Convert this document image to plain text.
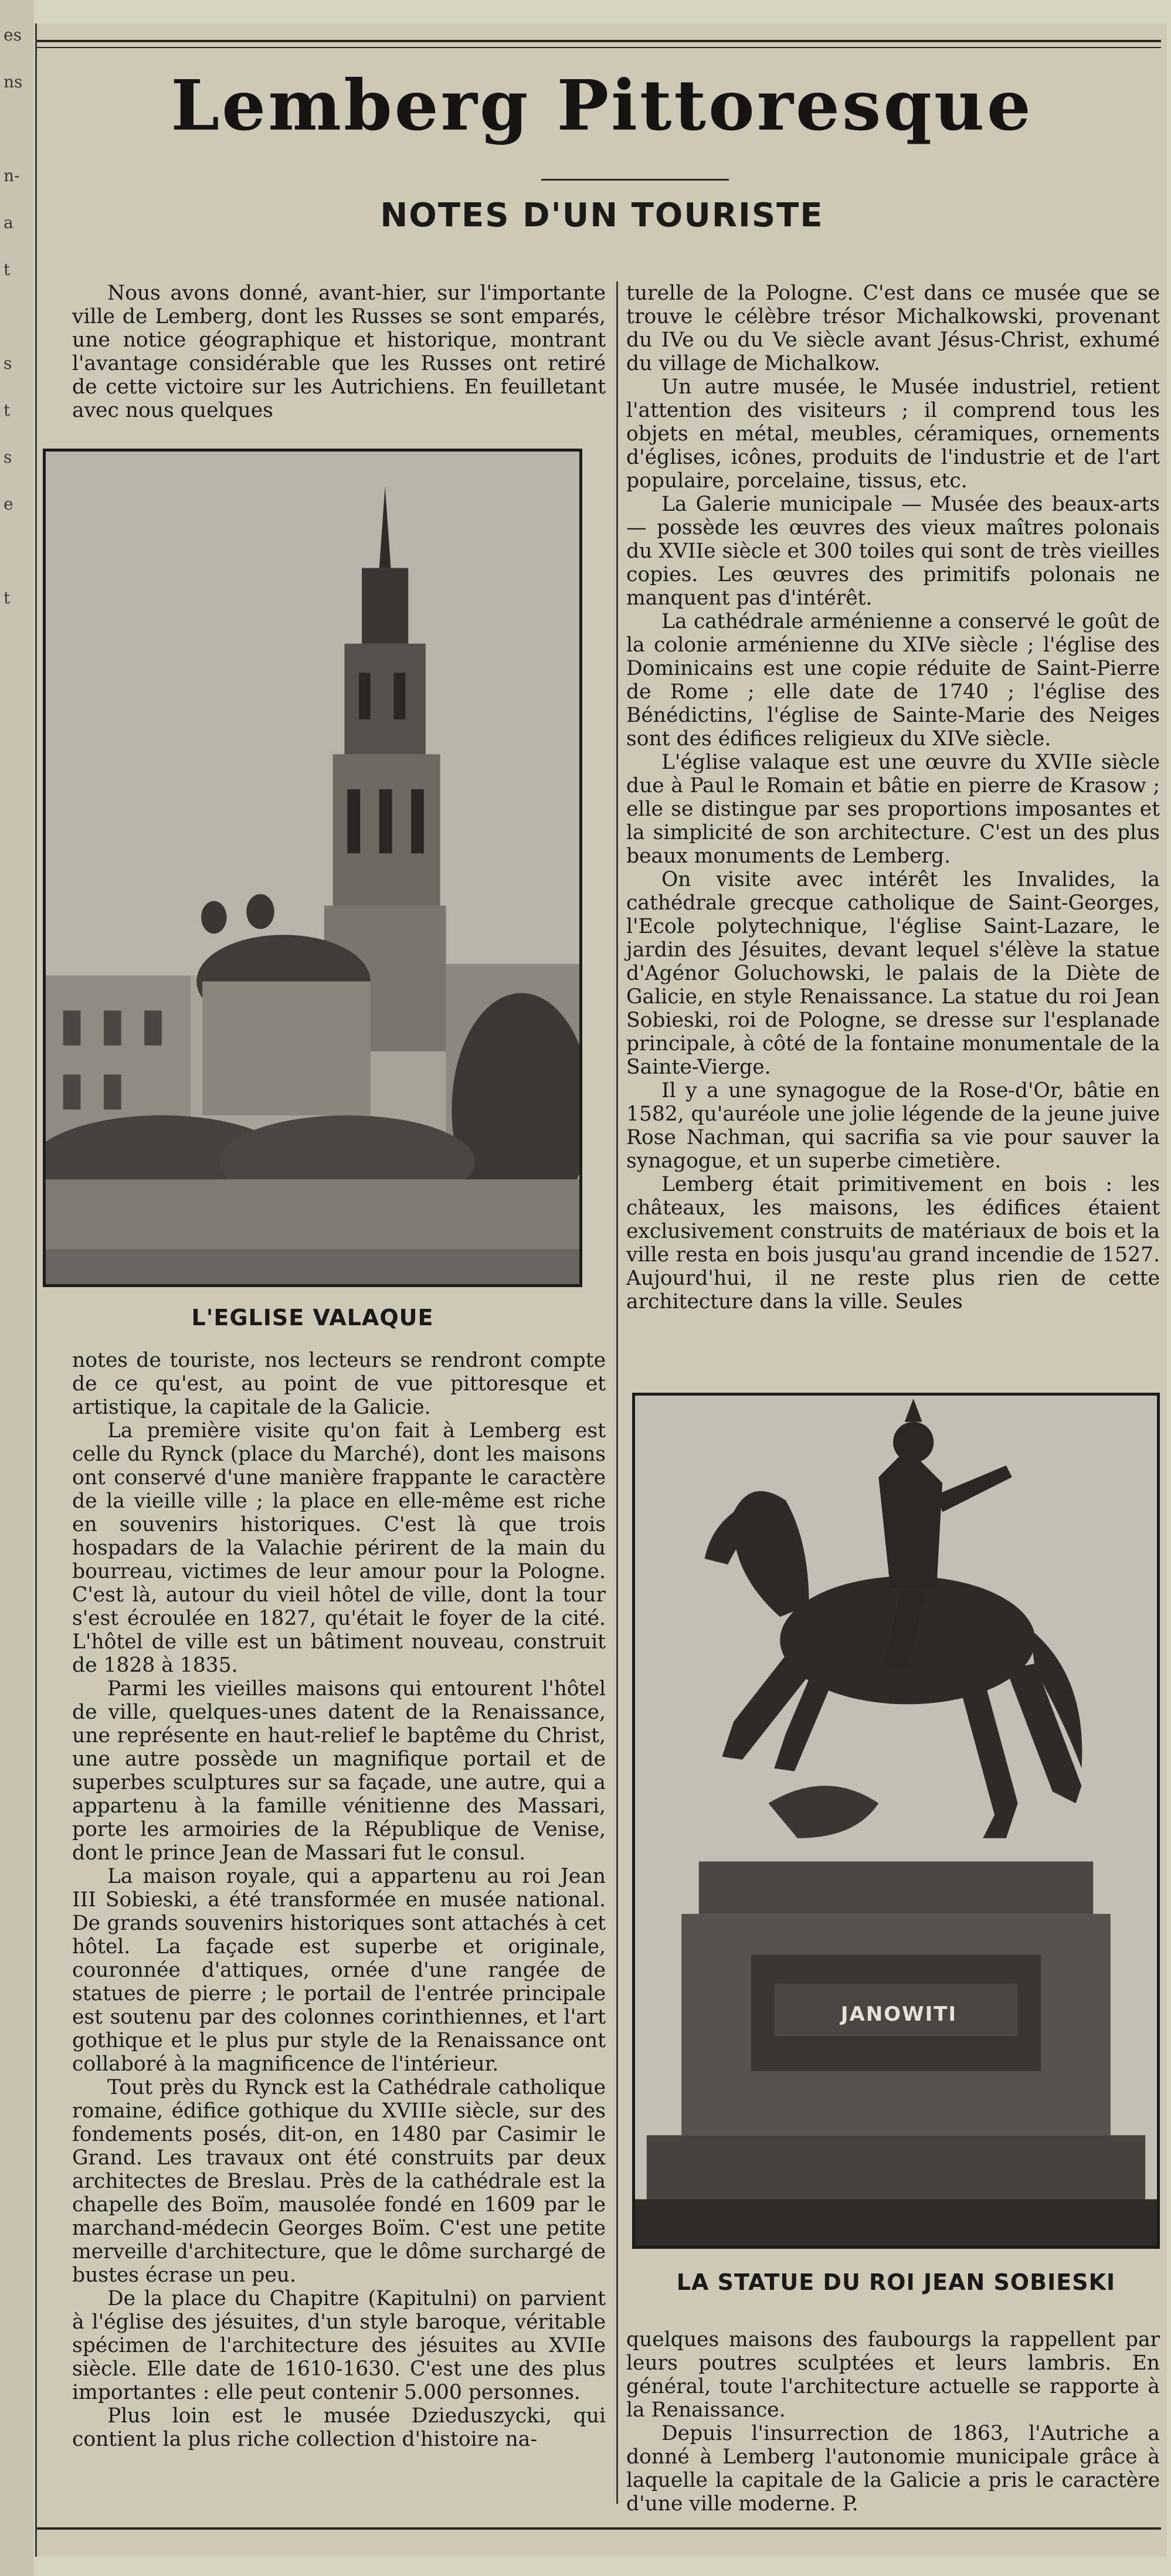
es
ns

n-
a
t

s
t
s
e

t
Lemberg Pittoresque
NOTES D'UN TOURISTE

Nous avons donné, avant-hier, sur l'importante ville de Lemberg, dont les Russes se sont emparés, une notice géographique et historique, montrant l'avantage considérable que les Russes ont retiré de cette victoire sur les Autrichiens. En feuilletant avec nous quelques

L'EGLISE VALAQUE

notes de touriste, nos lecteurs se rendront compte de ce qu'est, au point de vue pittoresque et artistique, la capitale de la Galicie.

La première visite qu'on fait à Lemberg est celle du Rynck (place du Marché), dont les maisons ont conservé d'une manière frappante le caractère de la vieille ville ; la place en elle-même est riche en souvenirs historiques. C'est là que trois hospadars de la Valachie périrent de la main du bourreau, victimes de leur amour pour la Pologne. C'est là, autour du vieil hôtel de ville, dont la tour s'est écroulée en 1827, qu'était le foyer de la cité. L'hôtel de ville est un bâtiment nouveau, construit de 1828 à 1835.

Parmi les vieilles maisons qui entourent l'hôtel de ville, quelques-unes datent de la Renaissance, une représente en haut-relief le baptême du Christ, une autre possède un magnifique portail et de superbes sculptures sur sa façade, une autre, qui a appartenu à la famille vénitienne des Massari, porte les armoiries de la République de Venise, dont le prince Jean de Massari fut le consul.

La maison royale, qui a appartenu au roi Jean III Sobieski, a été transformée en musée national. De grands souvenirs historiques sont attachés à cet hôtel. La façade est superbe et originale, couronnée d'attiques, ornée d'une rangée de statues de pierre ; le portail de l'entrée principale est soutenu par des colonnes corinthiennes, et l'art gothique et le plus pur style de la Renaissance ont collaboré à la magnificence de l'intérieur.

Tout près du Rynck est la Cathédrale catholique romaine, édifice gothique du XVIIIe siècle, sur des fondements posés, dit-on, en 1480 par Casimir le Grand. Les travaux ont été construits par deux architectes de Breslau. Près de la cathédrale est la chapelle des Boïm, mausolée fondé en 1609 par le marchand-médecin Georges Boïm. C'est une petite merveille d'architecture, que le dôme surchargé de bustes écrase un peu.

De la place du Chapitre (Kapitulni) on parvient à l'église des jésuites, d'un style baroque, véritable spécimen de l'architecture des jésuites au XVIIe siècle. Elle date de 1610-1630. C'est une des plus importantes : elle peut contenir 5.000 personnes.

Plus loin est le musée Dzieduszycki, qui contient la plus riche collection d'histoire na-

turelle de la Pologne. C'est dans ce musée que se trouve le célèbre trésor Michalkowski, provenant du IVe ou du Ve siècle avant Jésus-Christ, exhumé du village de Michalkow.

Un autre musée, le Musée industriel, retient l'attention des visiteurs ; il comprend tous les objets en métal, meubles, céramiques, ornements d'églises, icônes, produits de l'industrie et de l'art populaire, porcelaine, tissus, etc.

La Galerie municipale — Musée des beaux-arts — possède les œuvres des vieux maîtres polonais du XVIIe siècle et 300 toiles qui sont de très vieilles copies. Les œuvres des primitifs polonais ne manquent pas d'intérêt.

La cathédrale arménienne a conservé le goût de la colonie arménienne du XIVe siècle ; l'église des Dominicains est une copie réduite de Saint-Pierre de Rome ; elle date de 1740 ; l'église des Bénédictins, l'église de Sainte-Marie des Neiges sont des édifices religieux du XIVe siècle.

L'église valaque est une œuvre du XVIIe siècle due à Paul le Romain et bâtie en pierre de Krasow ; elle se distingue par ses proportions imposantes et la simplicité de son architecture. C'est un des plus beaux monuments de Lemberg.

On visite avec intérêt les Invalides, la cathédrale grecque catholique de Saint-Georges, l'Ecole polytechnique, l'église Saint-Lazare, le jardin des Jésuites, devant lequel s'élève la statue d'Agénor Goluchowski, le palais de la Diète de Galicie, en style Renaissance. La statue du roi Jean Sobieski, roi de Pologne, se dresse sur l'esplanade principale, à côté de la fontaine monumentale de la Sainte-Vierge.

Il y a une synagogue de la Rose-d'Or, bâtie en 1582, qu'auréole une jolie légende de la jeune juive Rose Nachman, qui sacrifia sa vie pour sauver la synagogue, et un superbe cimetière.

Lemberg était primitivement en bois : les châteaux, les maisons, les édifices étaient exclusivement construits de matériaux de bois et la ville resta en bois jusqu'au grand incendie de 1527. Aujourd'hui, il ne reste plus rien de cette architecture dans la ville. Seules

JANOWITI
LA STATUE DU ROI JEAN SOBIESKI

quelques maisons des faubourgs la rappellent par leurs poutres sculptées et leurs lambris. En général, toute l'architecture actuelle se rapporte à la Renaissance.

Depuis l'insurrection de 1863, l'Autriche a donné à Lemberg l'autonomie municipale grâce à laquelle la capitale de la Galicie a pris le caractère d'une ville moderne. P.
